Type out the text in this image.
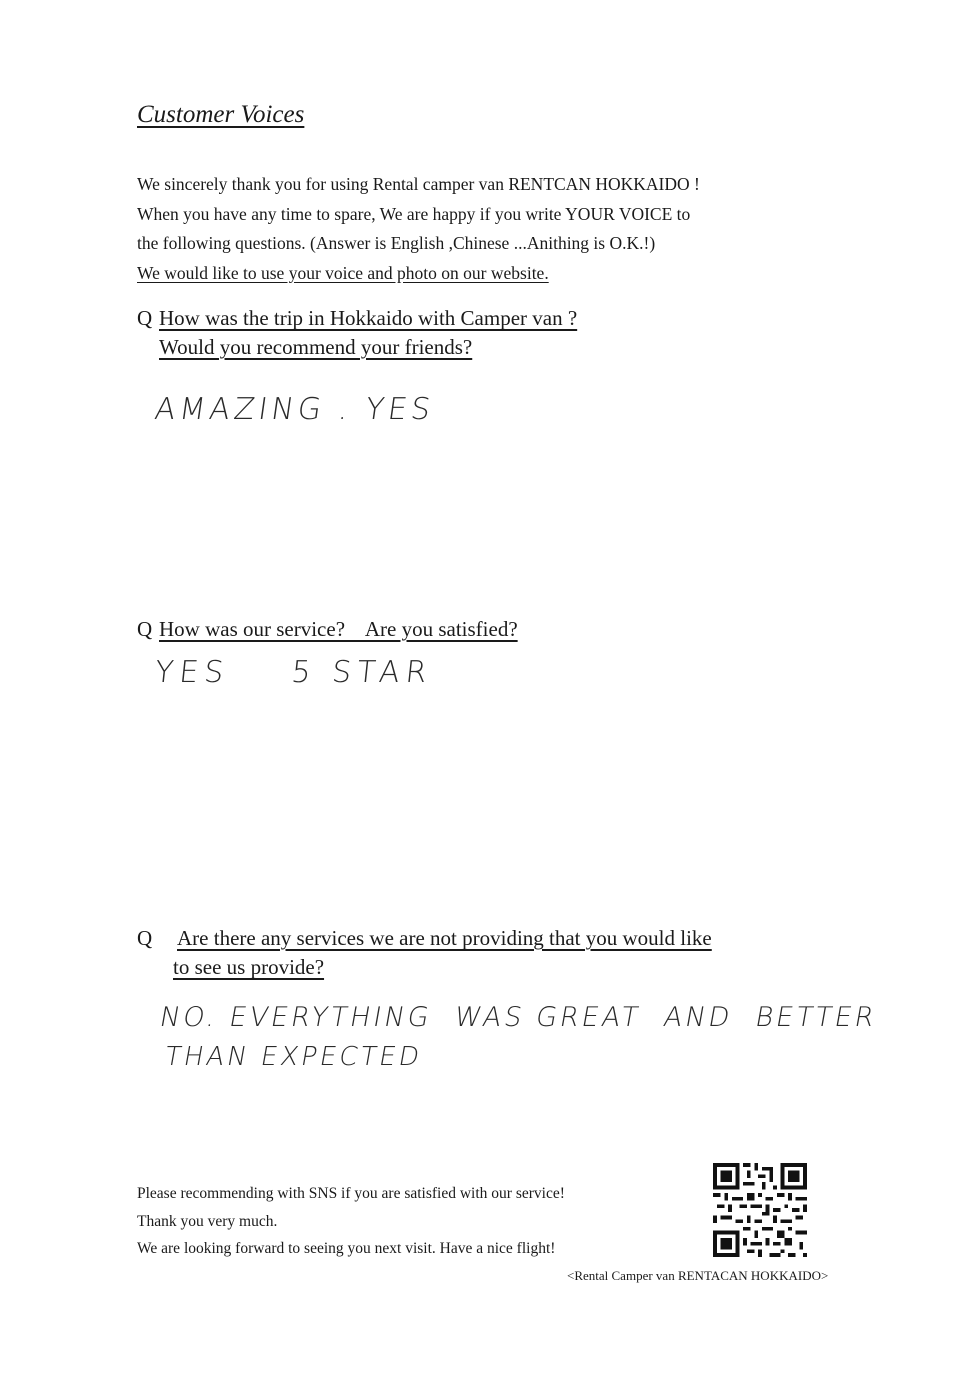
Customer Voices
We sincerely thank you for using Rental camper van RENTCAN HOKKAIDO !
When you have any time to spare, We are happy if you write YOUR VOICE to
the following questions. (Answer is English ,Chinese ...Anithing is O.K.!)
We would like to use your voice and photo on our website.
Q How was the trip in Hokkaido with Camper van ?
Would you recommend your friends?
AMAZING . YES
Q How was our service?    Are you satisfied?
YES    5 STAR
Q Are there any services we are not providing that you would like
to see us provide?
NO. EVERYTHING  WAS GREAT  AND  BETTER
THAN EXPECTED
Please recommending with SNS if you are satisfied with our service!
Thank you very much.
We are looking forward to seeing you next visit. Have a nice flight!
<Rental Camper van RENTACAN HOKKAIDO>
